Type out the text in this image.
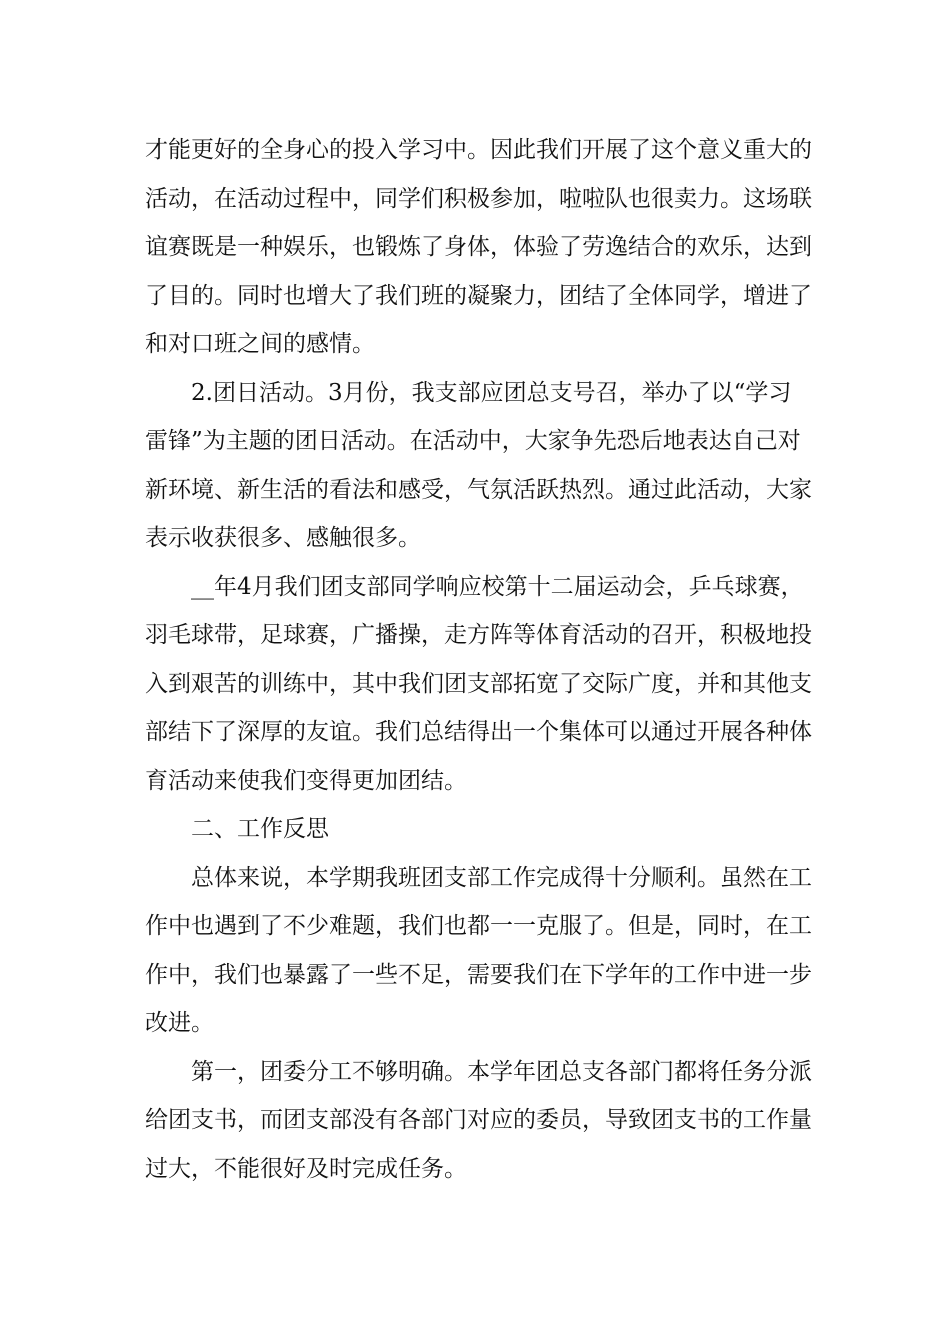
才能更好的全身心的投入学习中。因此我们开展了这个意义重大的
活动，在活动过程中，同学们积极参加，啦啦队也很卖力。这场联
谊赛既是一种娱乐，也锻炼了身体，体验了劳逸结合的欢乐，达到
了目的。同时也增大了我们班的凝聚力，团结了全体同学，增进了
和对口班之间的感情。
2.团日活动。3月份，我支部应团总支号召，举办了以“学习
雷锋”为主题的团日活动。在活动中，大家争先恐后地表达自己对
新环境、新生活的看法和感受，气氛活跃热烈。通过此活动，大家
表示收获很多、感触很多。
__年4月我们团支部同学响应校第十二届运动会，乒乓球赛，
羽毛球带，足球赛，广播操，走方阵等体育活动的召开，积极地投
入到艰苦的训练中，其中我们团支部拓宽了交际广度，并和其他支
部结下了深厚的友谊。我们总结得出一个集体可以通过开展各种体
育活动来使我们变得更加团结。
二、工作反思
总体来说，本学期我班团支部工作完成得十分顺利。虽然在工
作中也遇到了不少难题，我们也都一一克服了。但是，同时，在工
作中，我们也暴露了一些不足，需要我们在下学年的工作中进一步
改进。
第一，团委分工不够明确。本学年团总支各部门都将任务分派
给团支书，而团支部没有各部门对应的委员，导致团支书的工作量
过大，不能很好及时完成任务。
